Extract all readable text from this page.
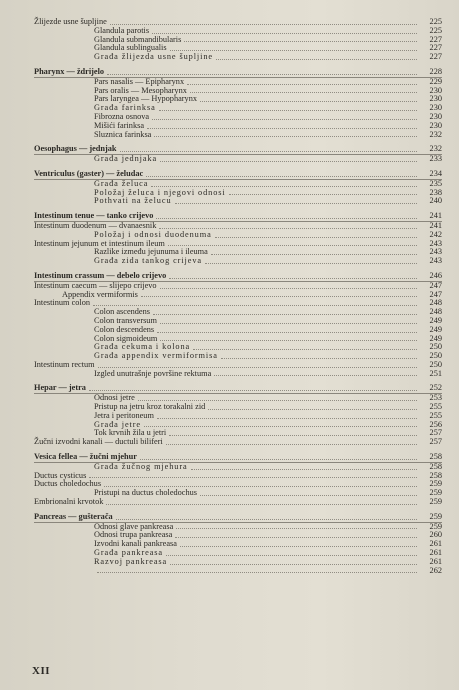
Žlijezde usne šupljine	225
Glandula parotis	225
Glandula submandibularis	227
Glandula sublingualis	227
Građa žlijezda usne šupljine	227
Pharynx — ždrijelo	228
Pars nasalis — Epipharynx	229
Pars oralis — Mesopharynx	230
Pars laryngea — Hypopharynx	230
Građa farinksa	230
Fibrozna osnova	230
Mišići farinksa	230
Sluznica farinksa	232
Oesophagus — jednjak	232
Građa jednjaka	233
Ventriculus (gaster) — želudac	234
Građa želuca	235
Položaj želuca i njegovi odnosi	238
Pothvati na želucu	240
Intestinum tenue — tanko crijevo	241
Intestinum duodenum — dvanaesnik	241
Položaj i odnosi duodenuma	242
Intestinum jejunum et intestinum ileum	243
Razlike između jejunuma i ileuma	243
Građa zida tankog crijeva	243
Intestinum crassum — debelo crijevo	246
Intestinum caecum — slijepo crijevo	247
Appendix vermiformis	247
Intestinum colon	248
Colon ascendens	248
Colon transversum	249
Colon descendens	249
Colon sigmoideum	249
Građa cekuma i kolona	250
Građa appendix vermiformisa	250
Intestinum rectum	250
Izgled unutrašnje površine rektuma	251
Hepar — jetra	252
Odnosi jetre	253
Pristup na jetru kroz torakalni zid	255
Jetra i peritoneum	255
Građa jetre	256
Tok krvnih žila u jetri	257
Žučni izvodni kanali — ductuli biliferi	257
Vesica fellea — žučni mjehur	258
Građa žučnog mjehura	258
Ductus cysticus	258
Ductus choledochus	259
Pristupi na ductus choledochus	259
Embrionalni krvotok	259
Pancreas — gušterača	259
Odnosi glave pankreasa	259
Odnosi trupa pankreasa	260
Izvodni kanali pankreasa	261
Građa pankreasa	261
Razvoj pankreasa	261
262
XII
